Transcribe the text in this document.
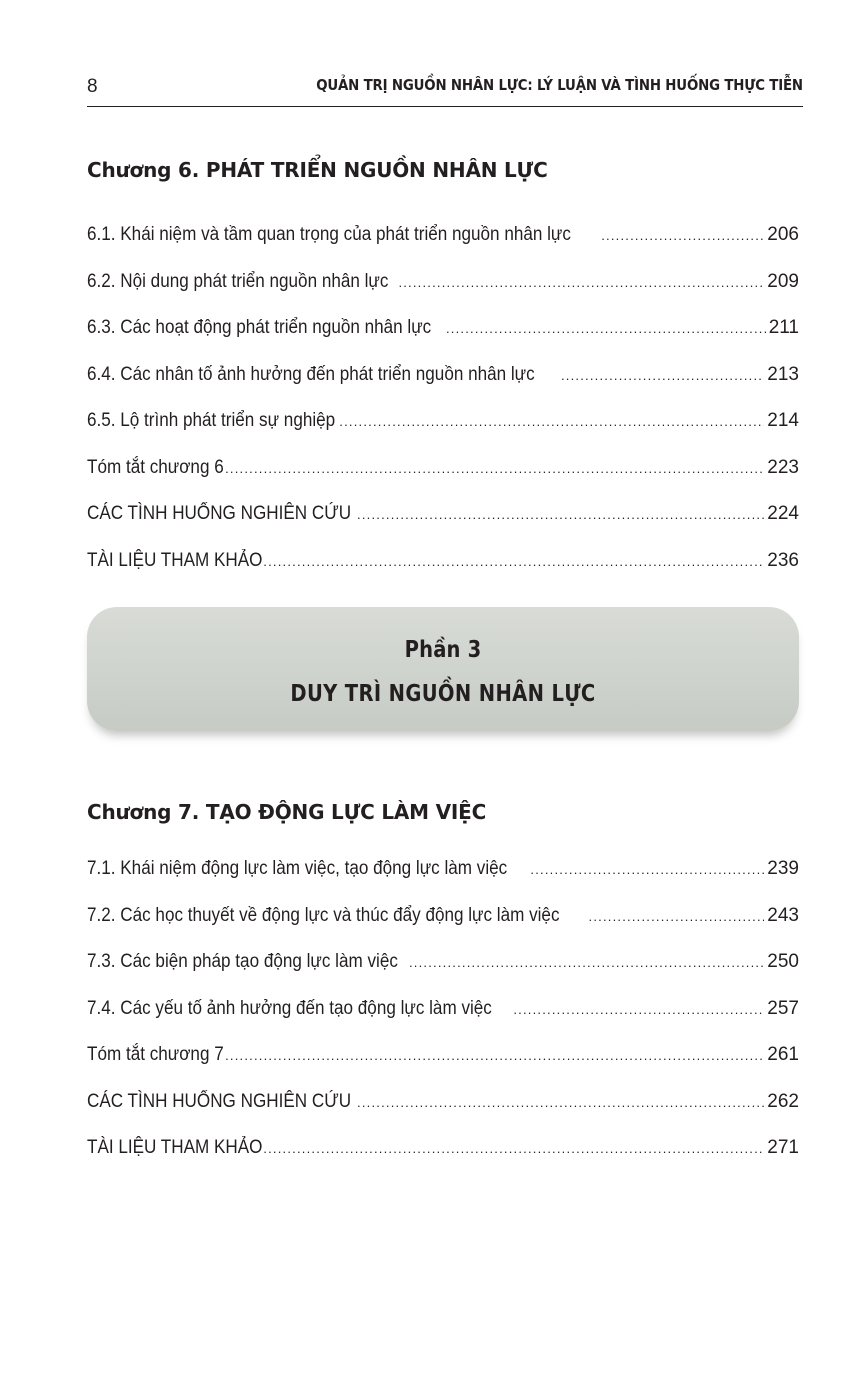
8	QUẢN TRỊ NGUỒN NHÂN LỰC: LÝ LUẬN VÀ TÌNH HUỐNG THỰC TIỄN
Chương 6. PHÁT TRIỂN NGUỒN NHÂN LỰC
6.1. Khái niệm và tầm quan trọng của phát triển nguồn nhân lực .....	206
6.2. Nội dung phát triển nguồn nhân lực .....	209
6.3. Các hoạt động phát triển nguồn nhân lực .....	211
6.4. Các nhân tố ảnh hưởng đến phát triển nguồn nhân lực .....	213
6.5. Lộ trình phát triển sự nghiệp .....	214
Tóm tắt chương 6 .....	223
CÁC TÌNH HUỐNG NGHIÊN CỨU .....	224
TÀI LIỆU THAM KHẢO .....	236
Phần 3
DUY TRÌ NGUỒN NHÂN LỰC
Chương 7. TẠO ĐỘNG LỰC LÀM VIỆC
7.1. Khái niệm động lực làm việc, tạo động lực làm việc .....	239
7.2. Các học thuyết về động lực và thúc đẩy động lực làm việc .....	243
7.3. Các biện pháp tạo động lực làm việc .....	250
7.4. Các yếu tố ảnh hưởng đến tạo động lực làm việc .....	257
Tóm tắt chương 7 .....	261
CÁC TÌNH HUỐNG NGHIÊN CỨU .....	262
TÀI LIỆU THAM KHẢO .....	271
